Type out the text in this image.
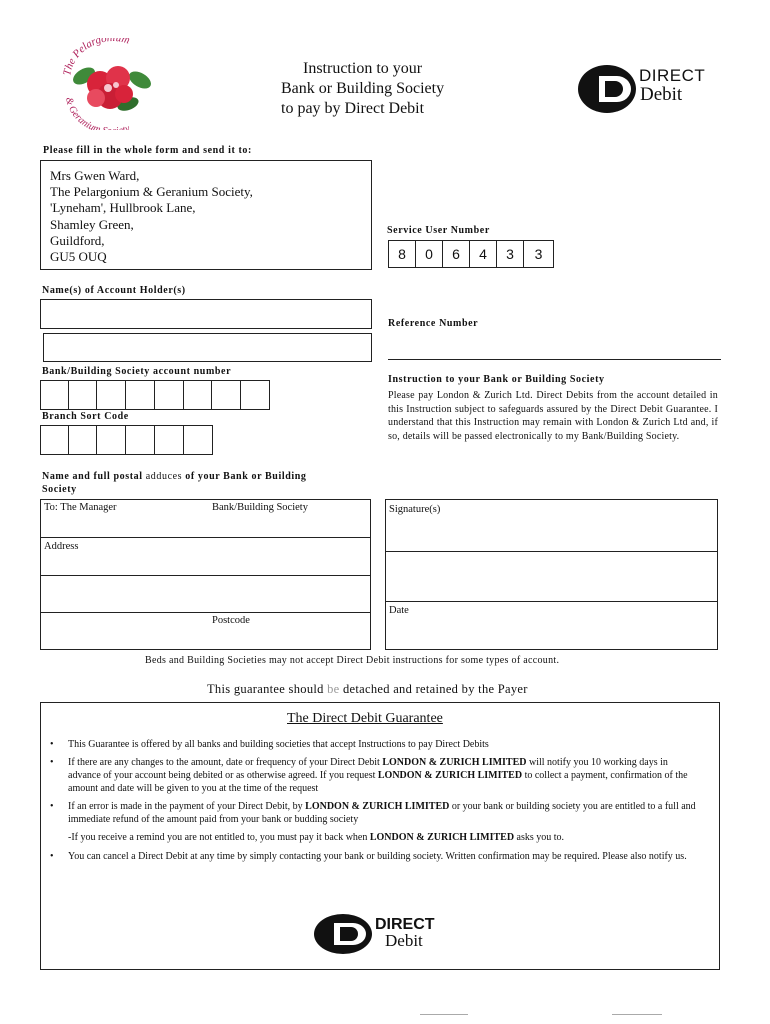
The Pelargonium
& Geranium ty
Instruction to your
Bank or Building Society
to pay by Direct Debit
DIRECT
Debit
Please fill in the whole form and send it to:
Mrs Gwen Ward,
The Pelargonium & Geranium Society,
'Lyneham', Hullbrook Lane,
Shamley Green,
Guildford,
GU5 OUQ
Service User Number
8	0	6	4	3	3
Name(s) of Account Holder(s)
Reference Number
Bank/Building Society account number
Branch Sort Code
Instruction to your Bank or Building Society
Please pay London & Zurich Ltd. Direct Debits from the account detailed in this Instruction subject to safeguards assured by the Direct Debit Guarantee. I understand that this Instruction may remain with London & Zurich Ltd and, if so, details will be passed electronically to my Bank/Building Society.
Name and full postal adduces of your Bank or Building
Society
To: The Manager	Bank/Building Society
Address
Postcode
Signature(s)
Date
Beds and Building Societies may not accept Direct Debit instructions for some types of account.
This guarantee should be detached and retained by the Payer
The Direct Debit Guarantee
• This Guarantee is offered by all banks and building societies that accept Instructions to pay Direct Debits
• If there are any changes to the amount, date or frequency of your Direct Debit LONDON & ZURICH LIMITED will notify you 10 working days in advance of your account being debited or as otherwise agreed. If you request LONDON & ZURICH LIMITED to collect a payment, confirmation of the amount and date will be given to you at the time of the request
• If an error is made in the payment of your Direct Debit, by LONDON & ZURICH LIMITED or your bank or building society you are entitled to a full and immediate refund of the amount paid from your bank or budding society
-If you receive a remind you are not entitled to, you must pay it back when LONDON & ZURICH LIMITED asks you to.
• You can cancel a Direct Debit at any time by simply contacting your bank or building society. Written confirmation may be required. Please also notify us.
DIRECT
Debit
